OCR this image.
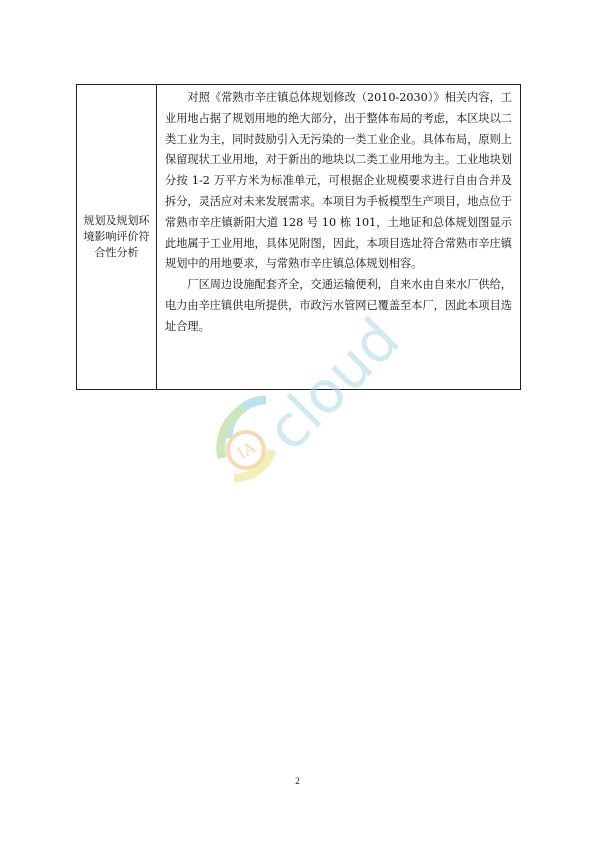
规划及规划环境影响评价符合性分析

对照《常熟市辛庄镇总体规划修改（2010-2030）》相关内容，工业用地占据了规划用地的绝大部分，出于整体布局的考虑，本区块以二类工业为主，同时鼓励引入无污染的一类工业企业。具体布局，原则上保留现状工业用地，对于新出的地块以二类工业用地为主。工业地块划分按 1-2 万平方米为标准单元，可根据企业规模要求进行自由合并及拆分，灵活应对未来发展需求。本项目为手板模型生产项目，地点位于常熟市辛庄镇新阳大道 128 号 10 栋 101，土地证和总体规划图显示此地属于工业用地，具体见附图，因此，本项目选址符合常熟市辛庄镇规划中的用地要求，与常熟市辛庄镇总体规划相容。

厂区周边设施配套齐全，交通运输便利，自来水由自来水厂供给，电力由辛庄镇供电所提供，市政污水管网已覆盖至本厂，因此本项目选址合理。

IA
cloud
2
